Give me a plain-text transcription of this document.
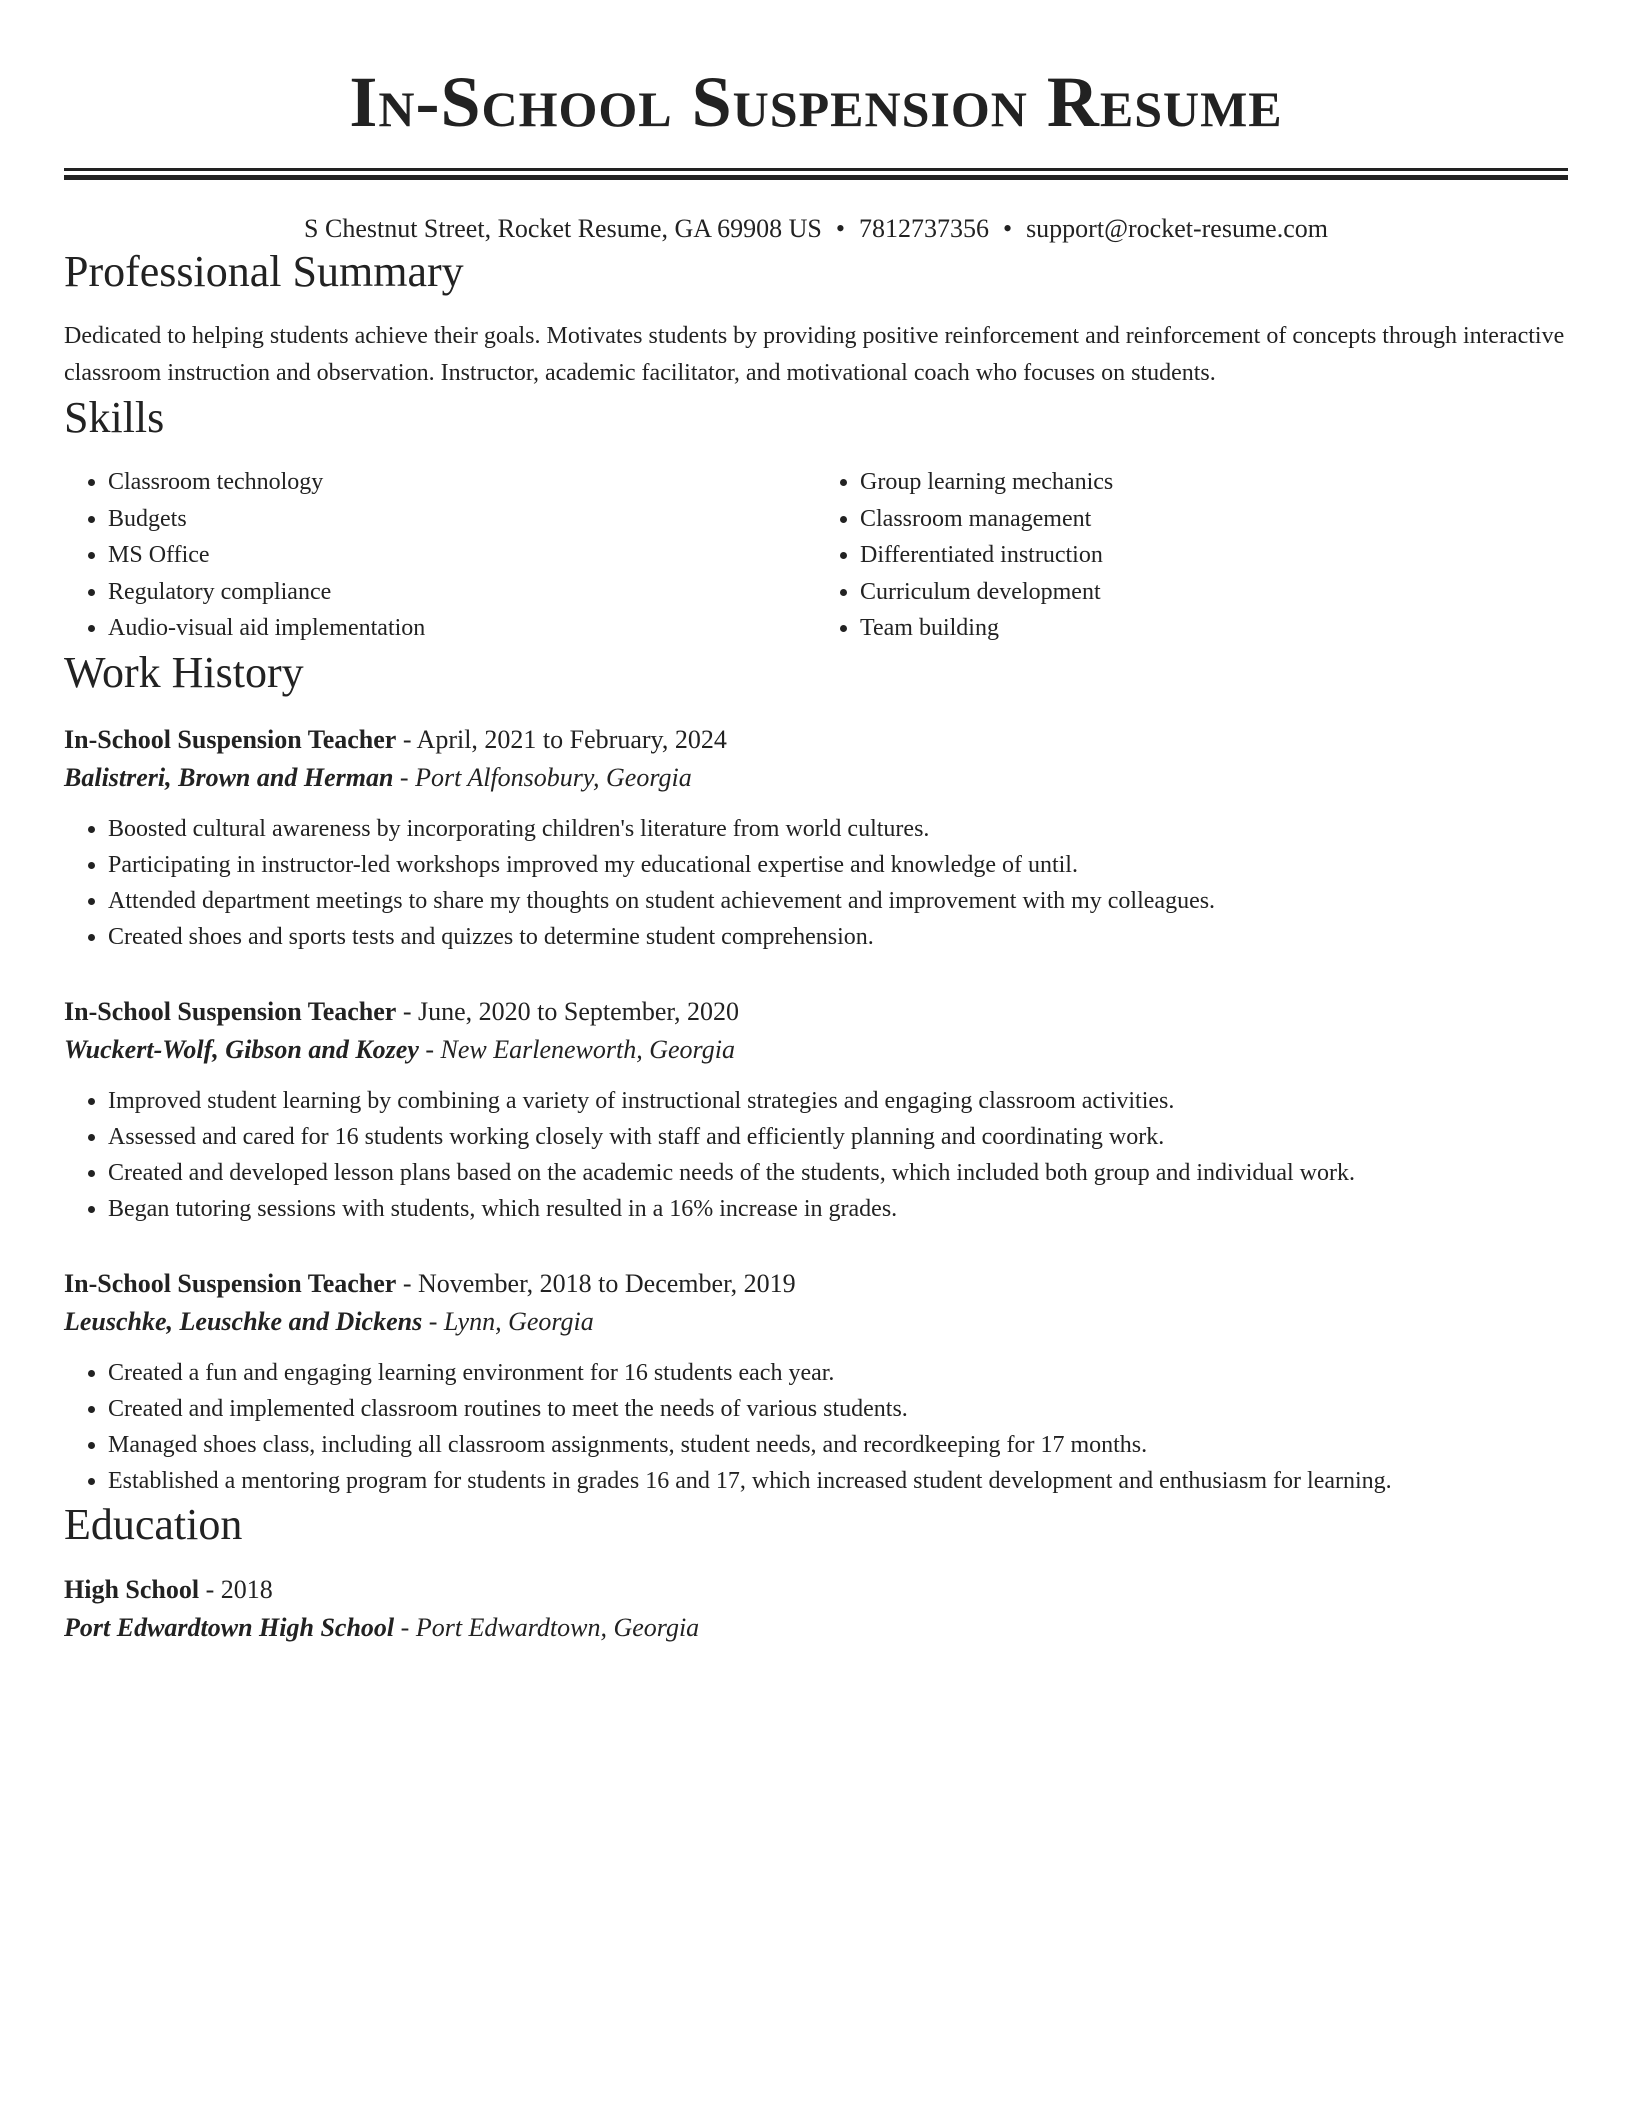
In-School Suspension Resume
S Chestnut Street, Rocket Resume, GA 69908 US • 7812737356 • support@rocket-resume.com
Professional Summary

Dedicated to helping students achieve their goals. Motivates students by providing positive reinforcement and reinforcement of concepts through interactive classroom instruction and observation. Instructor, academic facilitator, and motivational coach who focuses on students.

Skills
• Classroom technology
• Budgets
• MS Office
• Regulatory compliance
• Audio-visual aid implementation
• Group learning mechanics
• Classroom management
• Differentiated instruction
• Curriculum development
• Team building
Work History
In-School Suspension Teacher - April, 2021 to February, 2024
Balistreri, Brown and Herman - Port Alfonsobury, Georgia
• Boosted cultural awareness by incorporating children's literature from world cultures.
• Participating in instructor-led workshops improved my educational expertise and knowledge of until.
• Attended department meetings to share my thoughts on student achievement and improvement with my colleagues.
• Created shoes and sports tests and quizzes to determine student comprehension.
In-School Suspension Teacher - June, 2020 to September, 2020
Wuckert-Wolf, Gibson and Kozey - New Earleneworth, Georgia
• Improved student learning by combining a variety of instructional strategies and engaging classroom activities.
• Assessed and cared for 16 students working closely with staff and efficiently planning and coordinating work.
• Created and developed lesson plans based on the academic needs of the students, which included both group and individual work.
• Began tutoring sessions with students, which resulted in a 16% increase in grades.
In-School Suspension Teacher - November, 2018 to December, 2019
Leuschke, Leuschke and Dickens - Lynn, Georgia
• Created a fun and engaging learning environment for 16 students each year.
• Created and implemented classroom routines to meet the needs of various students.
• Managed shoes class, including all classroom assignments, student needs, and recordkeeping for 17 months.
• Established a mentoring program for students in grades 16 and 17, which increased student development and enthusiasm for learning.
Education
High School - 2018
Port Edwardtown High School - Port Edwardtown, Georgia
